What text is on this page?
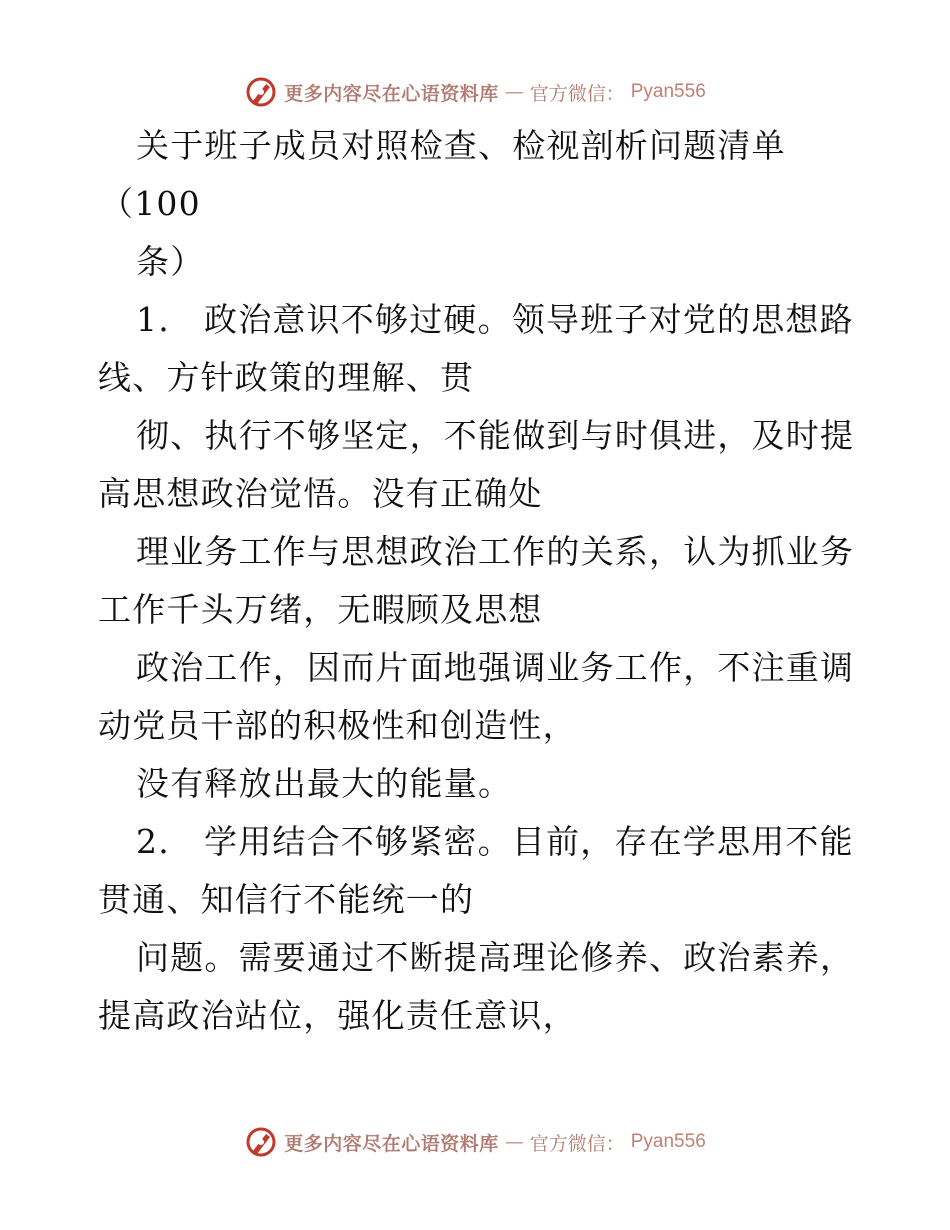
更多内容尽在心语资料库 — 官方微信： Pyan556
关于班子成员对照检查、检视剖析问题清单
（100
条）
1. 政治意识不够过硬。领导班子对党的思想路
线、方针政策的理解、贯
彻、执行不够坚定，不能做到与时俱进，及时提
高思想政治觉悟。没有正确处
理业务工作与思想政治工作的关系，认为抓业务
工作千头万绪，无暇顾及思想
政治工作，因而片面地强调业务工作，不注重调
动党员干部的积极性和创造性，
没有释放出最大的能量。
2. 学用结合不够紧密。目前，存在学思用不能
贯通、知信行不能统一的
问题。需要通过不断提高理论修养、政治素养，
提高政治站位，强化责任意识，
更多内容尽在心语资料库 — 官方微信： Pyan556
